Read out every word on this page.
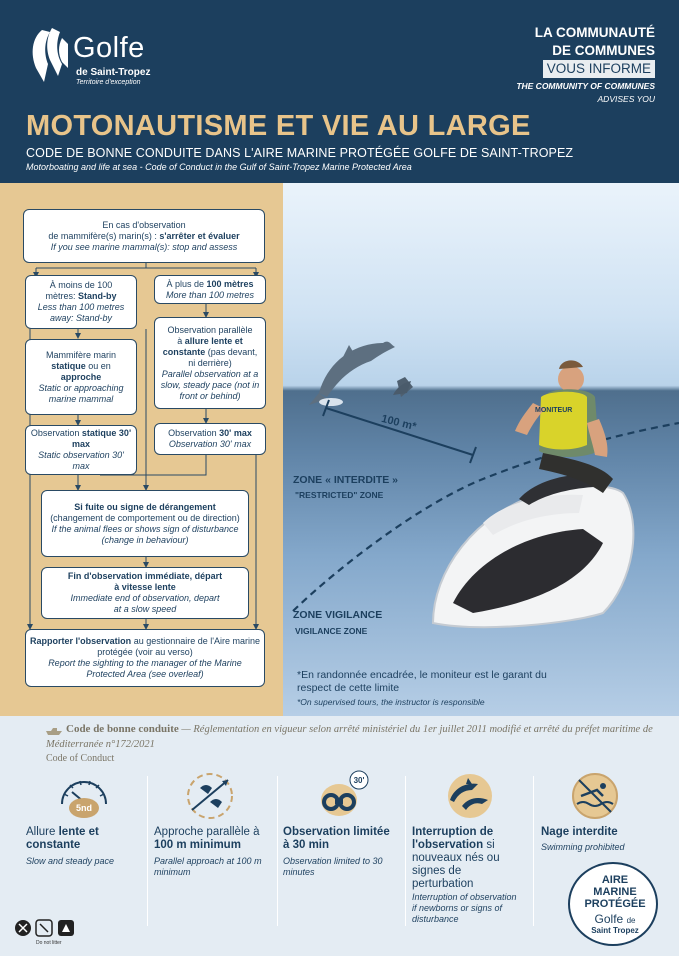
Golfe
de Saint-Tropez
Territoire d'exception
LA COMMUNAUTÉ
DE COMMUNES
VOUS INFORME
THE COMMUNITY OF COMMUNES
ADVISES YOU
MOTONAUTISME ET VIE AU LARGE
CODE DE BONNE CONDUITE DANS L'AIRE MARINE PROTÉGÉE GOLFE DE SAINT-TROPEZ
Motorboating and life at sea - Code of Conduct in the Gulf of Saint-Tropez Marine Protected Area
En cas d'observation
de mammifère(s) marin(s) : s'arrêter et évaluer
If you see marine mammal(s): stop and assess
À moins de 100
mètres: Stand-by
Less than 100 metres away: Stand-by
À plus de 100 mètres
More than 100 metres
Mammifère marin
statique ou en
approche
Static or approaching marine mammal
Observation parallèle
à allure lente et constante (pas devant, ni derrière)
Parallel observation at a slow, steady pace (not in front or behind)
Observation statique 30' max
Static observation 30' max
Observation 30' max
Observation 30' max
Si fuite ou signe de dérangement
(changement de comportement ou de direction)
If the animal flees or shows sign of disturbance (change in behaviour)
Fin d'observation immédiate, départ à vitesse lente
Immediate end of observation, depart at a slow speed
Rapporter l'observation au gestionnaire de l'Aire marine protégée (voir au verso)
Report the sighting to the manager of the Marine Protected Area (see overleaf)
MONITEUR
100 m*
ZONE « INTERDITE »
"RESTRICTED" ZONE
ZONE VIGILANCE
VIGILANCE ZONE
*En randonnée encadrée, le moniteur est le garant du respect de cette limite
*On supervised tours, the instructor is responsible
Code de bonne conduite — Réglementation en vigueur selon arrêté ministériel du 1er juillet 2011 modifié et arrêté du préfet maritime de Méditerranée n°172/2021
Code of Conduct
5nd
Allure lente et constante
Slow and steady pace
Approche parallèle à 100 m minimum
Parallel approach at 100 m minimum
30'
Observation limitée à 30 min
Observation limited to 30 minutes
Interruption de l'observation si nouveaux nés ou signes de perturbation
Interruption of observation if newborns or signs of disturbance
Nage interdite
Swimming prohibited
AIRE
MARINE
PROTÉGÉE
Golfe de
Saint Tropez
Do not litter
